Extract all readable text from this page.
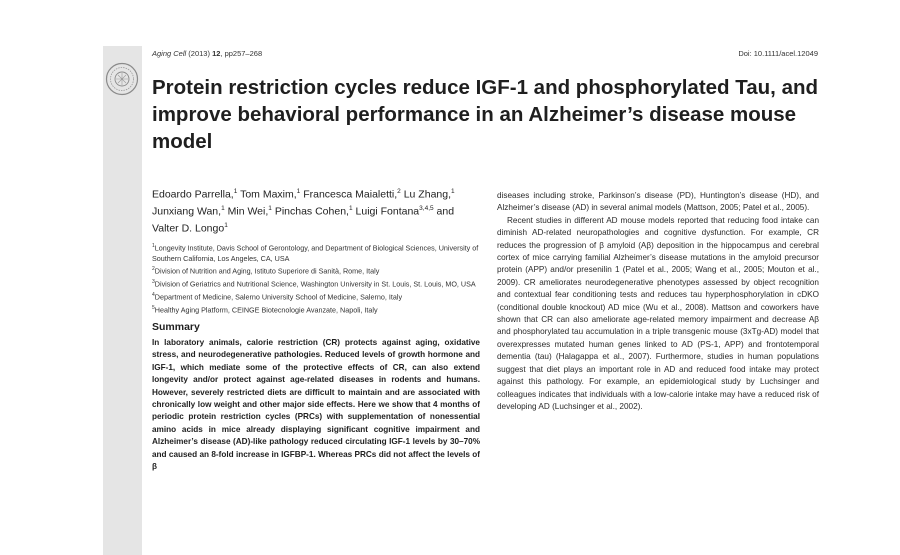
Aging Cell (2013) 12, pp257–268	Doi: 10.1111/acel.12049
Protein restriction cycles reduce IGF-1 and phosphorylated Tau, and improve behavioral performance in an Alzheimer’s disease mouse model

Edoardo Parrella,$^1$ Tom Maxim,$^1$ Francesca Maialetti,$^2$ Lu Zhang,$^1$ Junxiang Wan,$^1$ Min Wei,$^1$ Pinchas Cohen,$^1$ Luigi Fontana$^{3,4,5}$ and Valter D. Longo$^1$

$^1$Longevity Institute, Davis School of Gerontology, and Department of Biological Sciences, University of Southern California, Los Angeles, CA, USA

$^2$Division of Nutrition and Aging, Istituto Superiore di Sanità, Rome, Italy

$^3$Division of Geriatrics and Nutritional Science, Washington University in St. Louis, St. Louis, MO, USA

$^4$Department of Medicine, Salerno University School of Medicine, Salerno, Italy

$^5$Healthy Aging Platform, CEINGE Biotecnologie Avanzate, Napoli, Italy

Summary

In laboratory animals, calorie restriction (CR) protects against aging, oxidative stress, and neurodegenerative pathologies. Reduced levels of growth hormone and IGF-1, which mediate some of the protective effects of CR, can also extend longevity and/or protect against age-related diseases in rodents and humans. However, severely restricted diets are difficult to maintain and are associated with chronically low weight and other major side effects. Here we show that 4 months of periodic protein restriction cycles (PRCs) with supplementation of nonessential amino acids in mice already displaying significant cognitive impairment and Alzheimer’s disease (AD)-like pathology reduced circulating IGF-1 levels by 30–70% and caused an 8-fold increase in IGFBP-1. Whereas PRCs did not affect the levels of β

diseases including stroke, Parkinson’s disease (PD), Huntington’s disease (HD), and Alzheimer’s disease (AD) in several animal models (Mattson, 2005; Patel et al., 2005).

Recent studies in different AD mouse models reported that reducing food intake can diminish AD-related neuropathologies and cognitive dysfunction. For example, CR reduces the progression of β amyloid (Aβ) deposition in the hippocampus and cerebral cortex of mice carrying familial Alzheimer’s disease mutations in the amyloid precursor protein (APP) and/or presenilin 1 (Patel et al., 2005; Wang et al., 2005; Mouton et al., 2009). CR ameliorates neurodegenerative phenotypes assessed by object recognition and contextual fear conditioning tests and reduces tau hyperphosphorylation in cDKO (conditional double knockout) AD mice (Wu et al., 2008). Mattson and coworkers have shown that CR can also ameliorate age-related memory impairment and decrease Aβ and phosphorylated tau accumulation in a triple transgenic mouse (3xTg-AD) model that overexpresses mutated human genes linked to AD (PS-1, APP) and frontotemporal dementia (tau) (Halagappa et al., 2007). Furthermore, studies in human populations suggest that diet plays an important role in AD and reduced food intake may protect against this pathology. For example, an epidemiological study by Luchsinger and colleagues indicates that individuals with a low-calorie intake may have a reduced risk of developing AD (Luchsinger et al., 2002).
